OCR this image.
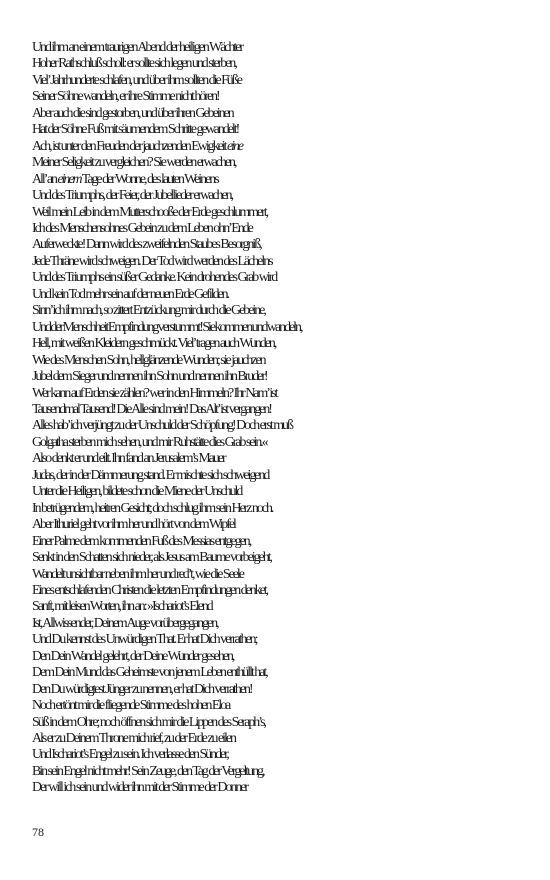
Und ihm an einem traurigen Abend der heiligen Wächter
Hoher Rathschluß scholl: er sollte sich legen und sterben,
Viel’ Jahrhunderte schlafen, und über ihm sollten die Füße
Seiner Söhne wandeln, er ihre Stimme nicht hören!
Aber auch die sind gestorben, und über ihren Gebeinen
Hat der Söhne Fuß mit säumendem Schritte gewandelt!
Ach, ist unter den Freuden der jauchzenden Ewigkeit eine
Meiner Seligkeit zu vergleichen? Sie werden erwachen,
All’ an einem Tage der Wonne, des lauten Weinens
Und des Triumphs, der Feier, der Jubellieder erwachen,
Weil mein Leib in dem Mutterschooße der Erde geschlummert,
Ich des Menschensohnes Gebein zu dem Leben ohn’ Ende
Auferweckte! Dann wird des zweifelnden Staubes Besorgniß,
Jede Thräne wird schweigen. Der Tod wird werden des Lächelns
Und des Triumphs ein süßer Gedanke. Kein drohendes Grab wird
Und kein Tod mehr sein auf der neuen Erde Gefilden.
Sinn’ ich ihm nach, so zittert Entzückung mir durch die Gebeine,
Und der Menschheit Empfindung verstummt! Sie kommen und wandeln,
Hell, mit weißen Kleidern geschmückt. Viel’ tragen auch Wunden,
Wie des Menschen Sohn, hellglänzende Wunden; sie jauchzen
Jubel dem Sieger und nennen ihn Sohn und nennen ihn Bruder!
Wer kann auf Erden sie zählen? wer in den Himmeln? Ihr Nam’ ist
Tausendmal Tausend! Die Alle sind mein! Das Alt’ ist vergangen!
Alles hab’ ich verjüngt zu der Unschuld der Schöpfung! Doch erst muß
Golgatha sterben mich sehen, und mir Ruhstätte dies Grab sein.«
Also denkt er und eilt. Ihn fand an Jerusalem’s Mauer
Judas, der in der Dämmerung stand. Er mischte sich schweigend
Unter die Heiligen, bildete schon die Miene der Unschuld
In betrügendem, heitren Gesicht; doch schlug ihm sein Herz noch.
Aber Ithuriel geht vor ihm her und hört von dem Wipfel
Einer Palme dem kommenden Fuß des Messias entgegen,
Senkt in den Schatten sich nieder, als Jesus am Baume vorbeigeht,
Wandelt unsichtbar neben ihm her und red’t, wie die Seele
Eines entschlafenden Christen die letzten Empfindungen denket,
Sanft, mit leisen Worten, ihn an: »Ischariot’s Elend
Ist, Allwissender, Deinem Auge vorübergegangen,
Und Du kennst des Unwürdigen That. Er hat Dich verrathen;
Den Dein Wandel gelehrt, der Deine Wunder gesehen,
Dem Dein Mund das Geheimste von jenem Leben enthüllt hat,
Den Du würdigtest Jünger zu nennen, er hat Dich verrathen!
Noch ertönt mir die fliegende Stimme des hohen Eloa
Süß in dem Ohre; noch öffnen sich mir die Lippen des Seraph’s,
Als er zu Deinem Throne mich rief, zu der Erde zu eilen
Und Ischariot’s Engel zu sein. Ich verlasse den Sünder,
Bin sein Engel nicht mehr! Sein Zeuge, den Tag der Vergeltung,
Der will ich sein und wider ihn mit der Stimme der Donner
78
